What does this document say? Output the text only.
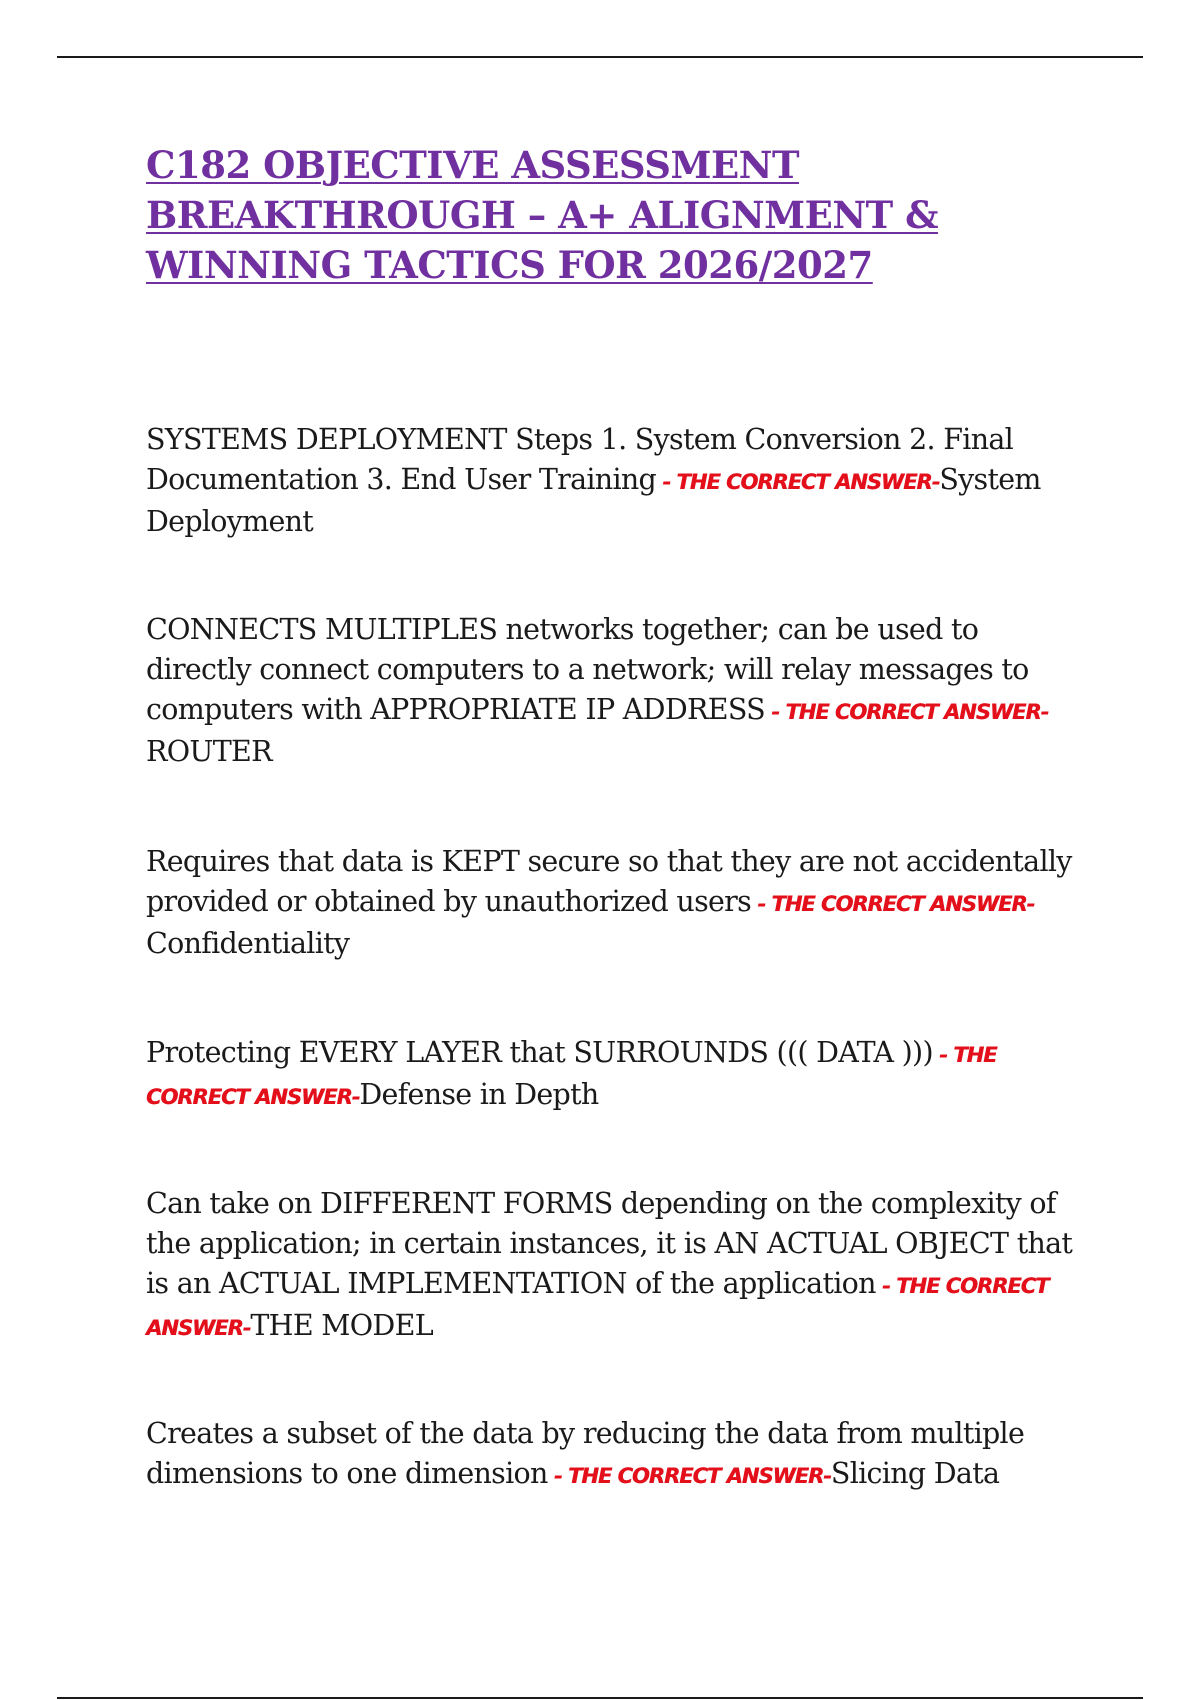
C182 OBJECTIVE ASSESSMENT BREAKTHROUGH – A+ ALIGNMENT & WINNING TACTICS FOR 2026/2027

SYSTEMS DEPLOYMENT Steps 1. System Conversion 2. Final Documentation 3. End User Training - THE CORRECT ANSWER-System Deployment

CONNECTS MULTIPLES networks together; can be used to directly connect computers to a network; will relay messages to computers with APPROPRIATE IP ADDRESS - THE CORRECT ANSWER-ROUTER

Requires that data is KEPT secure so that they are not accidentally provided or obtained by unauthorized users - THE CORRECT ANSWER-Confidentiality

Protecting EVERY LAYER that SURROUNDS ((( DATA ))) - THE CORRECT ANSWER-Defense in Depth

Can take on DIFFERENT FORMS depending on the complexity of the application; in certain instances, it is AN ACTUAL OBJECT that is an ACTUAL IMPLEMENTATION of the application - THE CORRECT ANSWER-THE MODEL

Creates a subset of the data by reducing the data from multiple dimensions to one dimension - THE CORRECT ANSWER-Slicing Data
